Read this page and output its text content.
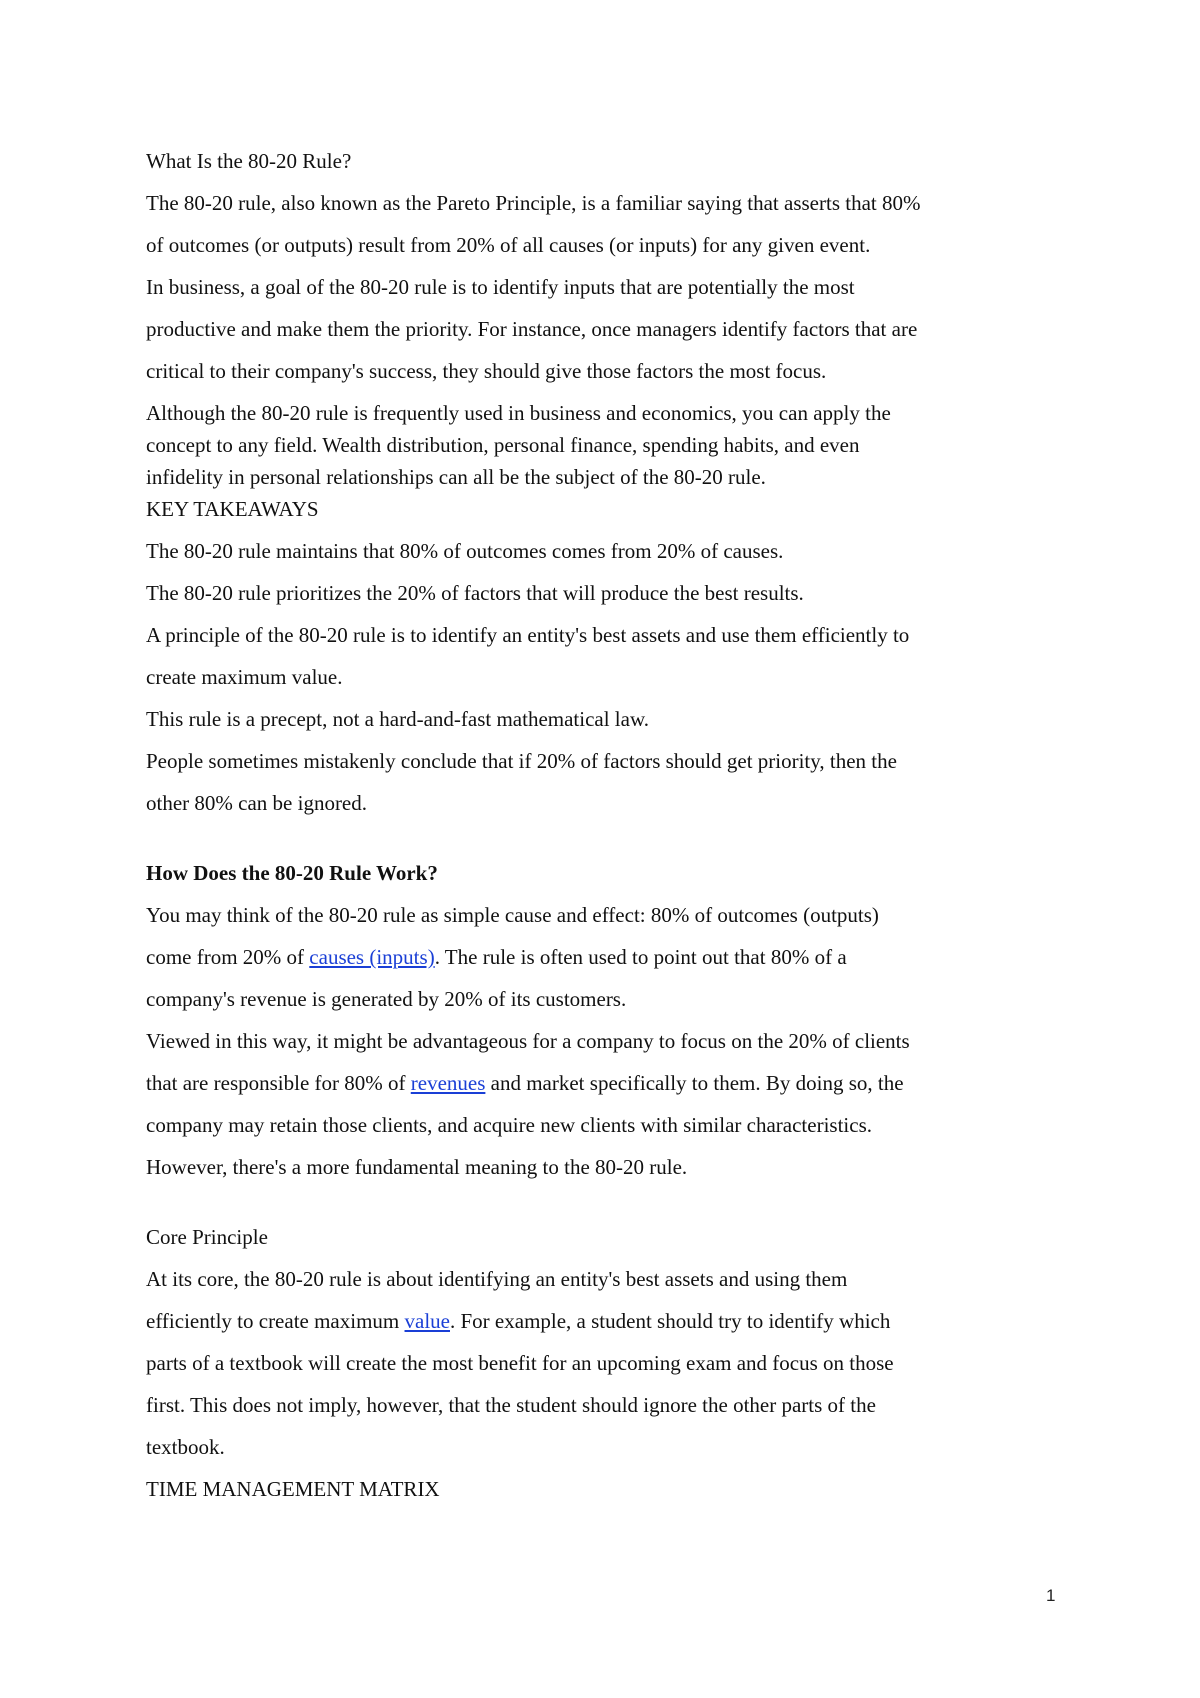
What Is the 80-20 Rule?
The 80-20 rule, also known as the Pareto Principle, is a familiar saying that asserts that 80%
of outcomes (or outputs) result from 20% of all causes (or inputs) for any given event.
In business, a goal of the 80-20 rule is to identify inputs that are potentially the most
productive and make them the priority. For instance, once managers identify factors that are
critical to their company's success, they should give those factors the most focus.
Although the 80-20 rule is frequently used in business and economics, you can apply the
concept to any field. Wealth distribution, personal finance, spending habits, and even
infidelity in personal relationships can all be the subject of the 80-20 rule.
KEY TAKEAWAYS
The 80-20 rule maintains that 80% of outcomes comes from 20% of causes.
The 80-20 rule prioritizes the 20% of factors that will produce the best results.
A principle of the 80-20 rule is to identify an entity's best assets and use them efficiently to
create maximum value.
This rule is a precept, not a hard-and-fast mathematical law.
People sometimes mistakenly conclude that if 20% of factors should get priority, then the
other 80% can be ignored.
How Does the 80-20 Rule Work?
You may think of the 80-20 rule as simple cause and effect: 80% of outcomes (outputs)
come from 20% of causes (inputs). The rule is often used to point out that 80% of a
company's revenue is generated by 20% of its customers.
Viewed in this way, it might be advantageous for a company to focus on the 20% of clients
that are responsible for 80% of revenues and market specifically to them. By doing so, the
company may retain those clients, and acquire new clients with similar characteristics.
However, there's a more fundamental meaning to the 80-20 rule.
Core Principle
At its core, the 80-20 rule is about identifying an entity's best assets and using them
efficiently to create maximum value. For example, a student should try to identify which
parts of a textbook will create the most benefit for an upcoming exam and focus on those
first. This does not imply, however, that the student should ignore the other parts of the
textbook.
TIME MANAGEMENT MATRIX
1
